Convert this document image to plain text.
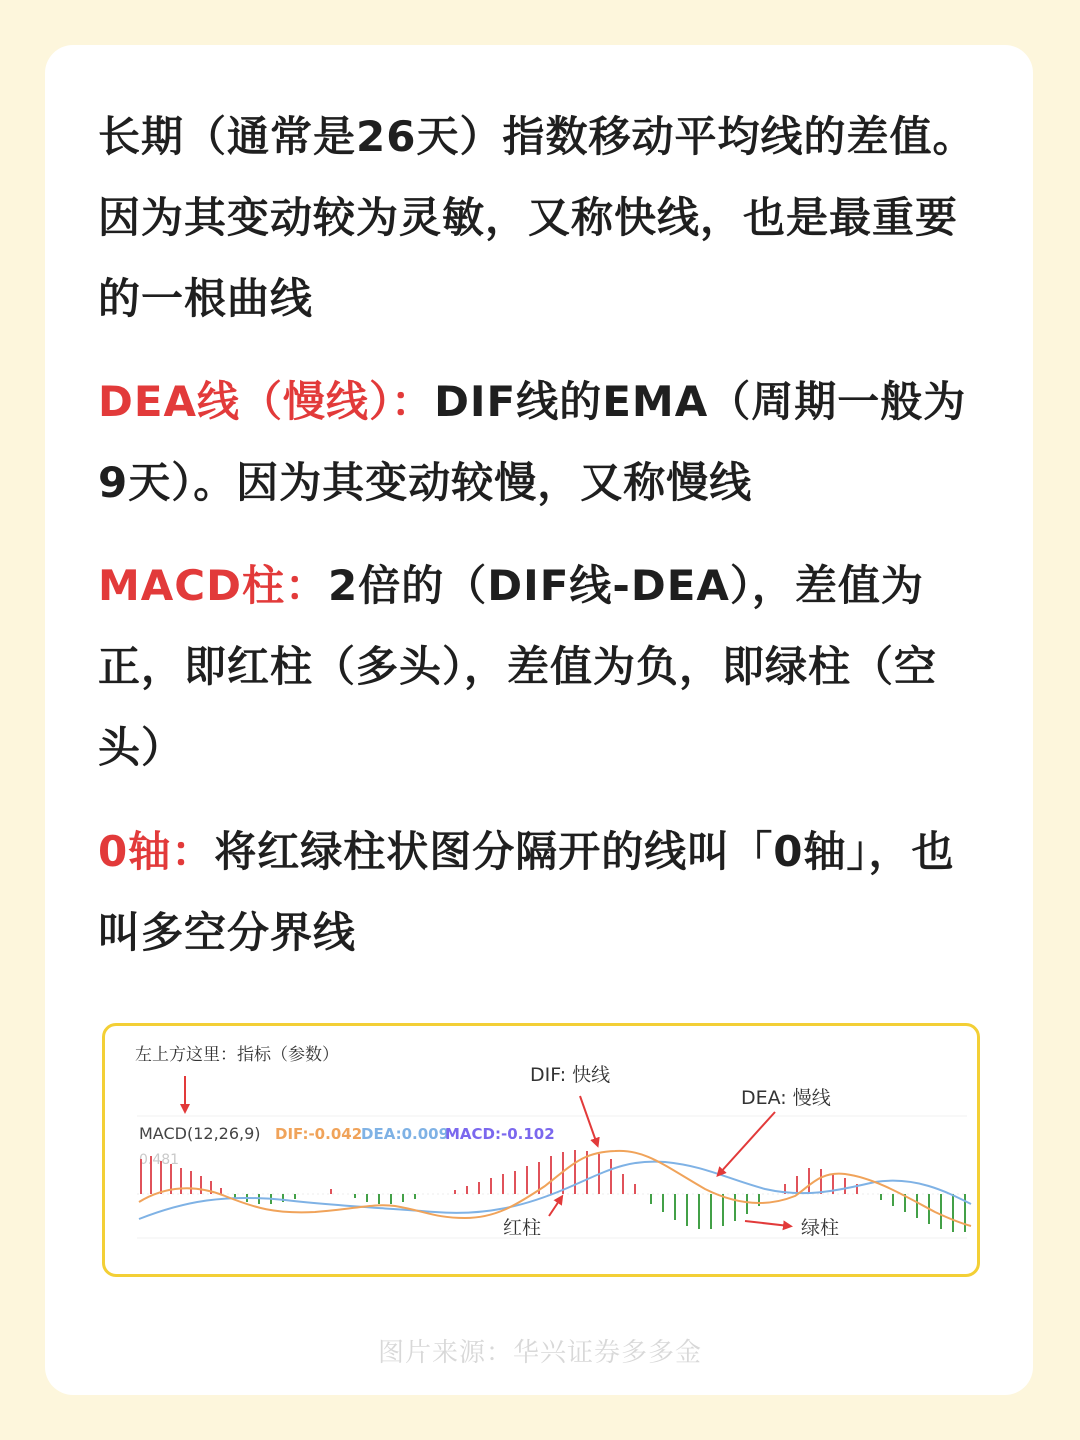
长期（通常是26天）指数移动平均线的差值。因为其变动较为灵敏，又称快线，也是最重要的一根曲线

DEA线（慢线）：DIF线的EMA（周期一般为9天）。因为其变动较慢，又称慢线

MACD柱：2倍的（DIF线-DEA），差值为正，即红柱（多头），差值为负，即绿柱（空头）

0轴：将红绿柱状图分隔开的线叫「0轴」，也叫多空分界线

左上方这里：指标（参数）
MACD(12,26,9) DIF:-0.042
DEA:0.009
MACD:-0.102
0.481
DIF: 快线
DEA: 慢线
红柱	绿柱
图片来源：华兴证券多多金
